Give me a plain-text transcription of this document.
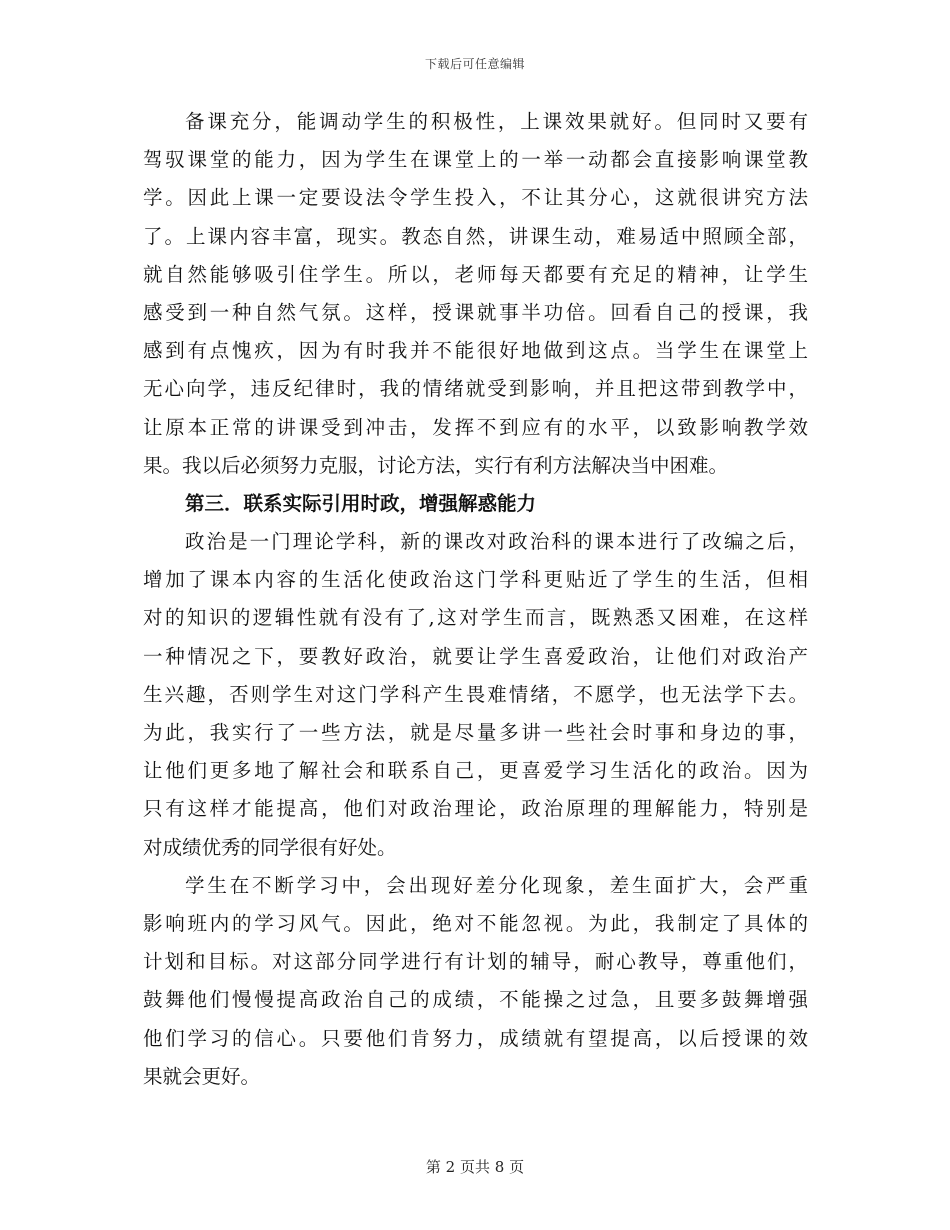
下载后可任意编辑
备课充分，能调动学生的积极性，上课效果就好。但同时又要有
驾驭课堂的能力，因为学生在课堂上的一举一动都会直接影响课堂教
学。因此上课一定要设法令学生投入，不让其分心，这就很讲究方法
了。上课内容丰富，现实。教态自然，讲课生动，难易适中照顾全部，
就自然能够吸引住学生。所以，老师每天都要有充足的精神，让学生
感受到一种自然气氛。这样，授课就事半功倍。回看自己的授课，我
感到有点愧疚，因为有时我并不能很好地做到这点。当学生在课堂上
无心向学，违反纪律时，我的情绪就受到影响，并且把这带到教学中，
让原本正常的讲课受到冲击，发挥不到应有的水平，以致影响教学效
果。我以后必须努力克服，讨论方法，实行有利方法解决当中困难。
第三．联系实际引用时政，增强解惑能力
政治是一门理论学科，新的课改对政治科的课本进行了改编之后，
增加了课本内容的生活化使政治这门学科更贴近了学生的生活，但相
对的知识的逻辑性就有没有了,这对学生而言，既熟悉又困难，在这样
一种情况之下，要教好政治，就要让学生喜爱政治，让他们对政治产
生兴趣，否则学生对这门学科产生畏难情绪，不愿学，也无法学下去。
为此，我实行了一些方法，就是尽量多讲一些社会时事和身边的事，
让他们更多地了解社会和联系自己，更喜爱学习生活化的政治。因为
只有这样才能提高，他们对政治理论，政治原理的理解能力，特别是
对成绩优秀的同学很有好处。
学生在不断学习中，会出现好差分化现象，差生面扩大，会严重
影响班内的学习风气。因此，绝对不能忽视。为此，我制定了具体的
计划和目标。对这部分同学进行有计划的辅导，耐心教导，尊重他们，
鼓舞他们慢慢提高政治自己的成绩，不能操之过急，且要多鼓舞增强
他们学习的信心。只要他们肯努力，成绩就有望提高，以后授课的效
果就会更好。
第 2 页共 8 页
